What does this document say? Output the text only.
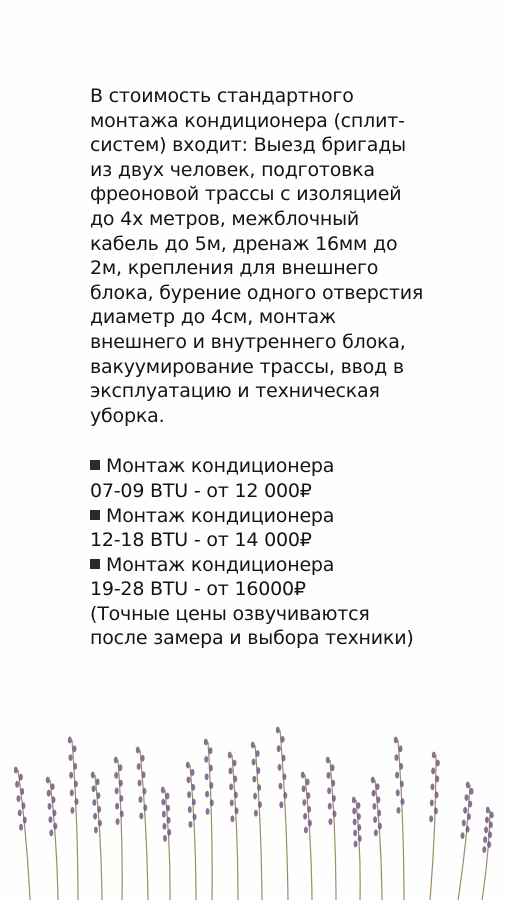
В стоимость стандартного монтажа кондиционера (сплит-систем) входит: Выезд бригады из двух человек, подготовка фреоновой трассы с изоляцией до 4х метров, межблочный кабель до 5м, дренаж 16мм до 2м, крепления для внешнего блока, бурение одного отверстия диаметр до 4см, монтаж внешнего и внутреннего блока, вакуумирование трассы, ввод в эксплуатацию и техническая уборка.

Монтаж кондиционера
07-09 BTU - от 12 000₽
Монтаж кондиционера
12-18 BTU - от 14 000₽
Монтаж кондиционера
19-28 BTU - от 16000₽

(Точные цены озвучиваются после замера и выбора техники)
